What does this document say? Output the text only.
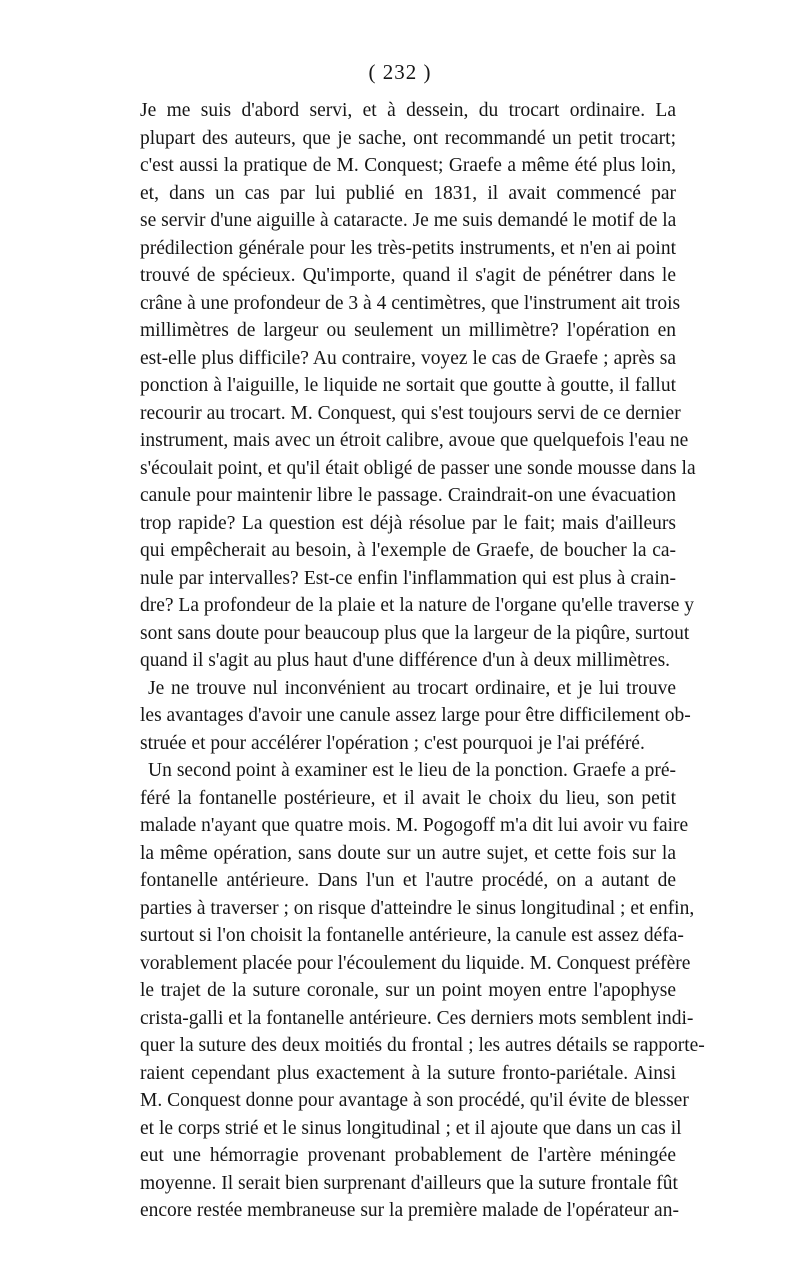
( 232 )
Je me suis d'abord servi, et à dessein, du trocart ordinaire. La
plupart des auteurs, que je sache, ont recommandé un petit trocart;
c'est aussi la pratique de M. Conquest; Graefe a même été plus loin,
et, dans un cas par lui publié en 1831, il avait commencé par
se servir d'une aiguille à cataracte. Je me suis demandé le motif de la
prédilection générale pour les très-petits instruments, et n'en ai point
trouvé de spécieux. Qu'importe, quand il s'agit de pénétrer dans le
crâne à une profondeur de 3 à 4 centimètres, que l'instrument ait trois
millimètres de largeur ou seulement un millimètre? l'opération en
est-elle plus difficile? Au contraire, voyez le cas de Graefe ; après sa
ponction à l'aiguille, le liquide ne sortait que goutte à goutte, il fallut
recourir au trocart. M. Conquest, qui s'est toujours servi de ce dernier
instrument, mais avec un étroit calibre, avoue que quelquefois l'eau ne
s'écoulait point, et qu'il était obligé de passer une sonde mousse dans la
canule pour maintenir libre le passage. Craindrait-on une évacuation
trop rapide? La question est déjà résolue par le fait; mais d'ailleurs
qui empêcherait au besoin, à l'exemple de Graefe, de boucher la ca-
nule par intervalles? Est-ce enfin l'inflammation qui est plus à crain-
dre? La profondeur de la plaie et la nature de l'organe qu'elle traverse y
sont sans doute pour beaucoup plus que la largeur de la piqûre, surtout
quand il s'agit au plus haut d'une différence d'un à deux millimètres.
Je ne trouve nul inconvénient au trocart ordinaire, et je lui trouve
les avantages d'avoir une canule assez large pour être difficilement ob-
struée et pour accélérer l'opération ; c'est pourquoi je l'ai préféré.
Un second point à examiner est le lieu de la ponction. Graefe a pré-
féré la fontanelle postérieure, et il avait le choix du lieu, son petit
malade n'ayant que quatre mois. M. Pogogoff m'a dit lui avoir vu faire
la même opération, sans doute sur un autre sujet, et cette fois sur la
fontanelle antérieure. Dans l'un et l'autre procédé, on a autant de
parties à traverser ; on risque d'atteindre le sinus longitudinal ; et enfin,
surtout si l'on choisit la fontanelle antérieure, la canule est assez défa-
vorablement placée pour l'écoulement du liquide. M. Conquest préfère
le trajet de la suture coronale, sur un point moyen entre l'apophyse
crista-galli et la fontanelle antérieure. Ces derniers mots semblent indi-
quer la suture des deux moitiés du frontal ; les autres détails se rapporte-
raient cependant plus exactement à la suture fronto-pariétale. Ainsi
M. Conquest donne pour avantage à son procédé, qu'il évite de blesser
et le corps strié et le sinus longitudinal ; et il ajoute que dans un cas il
eut une hémorragie provenant probablement de l'artère méningée
moyenne. Il serait bien surprenant d'ailleurs que la suture frontale fût
encore restée membraneuse sur la première malade de l'opérateur an-
